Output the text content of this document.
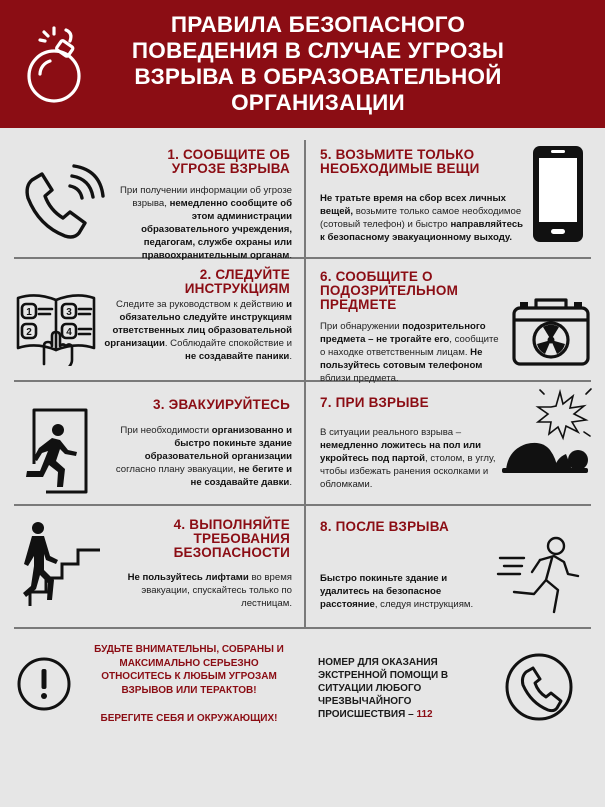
ПРАВИЛА БЕЗОПАСНОГО ПОВЕДЕНИЯ В СЛУЧАЕ УГРОЗЫ ВЗРЫВА В ОБРАЗОВАТЕЛЬНОЙ ОРГАНИЗАЦИИ
1. СООБЩИТЕ ОБ УГРОЗЕ ВЗРЫВА
При получении информации об угрозе взрыва, немедленно сообщите об этом администрации образовательного учреждения, педагогам, службе охраны или правоохранительным органам.
5. ВОЗЬМИТЕ ТОЛЬКО НЕОБХОДИМЫЕ ВЕЩИ
Не тратьте время на сбор всех личных вещей, возьмите только самое необходимое (сотовый телефон) и быстро направляйтесь к безопасному эвакуационному выходу.
1
2
3
4
2. СЛЕДУЙТЕ ИНСТРУКЦИЯМ
Следите за руководством к действию и обязательно следуйте инструкциям ответственных лиц образовательной организации. Соблюдайте спокойствие и не создавайте паники.
6. СООБЩИТЕ О ПОДОЗРИТЕЛЬНОМ ПРЕДМЕТЕ
При обнаружении подозрительного предмета – не трогайте его, сообщите о находке ответственным лицам. Не пользуйтесь сотовым телефоном вблизи предмета.
3. ЭВАКУИРУЙТЕСЬ
При необходимости организованно и быстро покиньте здание образовательной организации согласно плану эвакуации, не бегите и не создавайте давки.
7. ПРИ ВЗРЫВЕ
В ситуации реального взрыва – немедленно ложитесь на пол или укройтесь под партой, столом, в углу, чтобы избежать ранения осколками и обломками.
4. ВЫПОЛНЯЙТЕ ТРЕБОВАНИЯ БЕЗОПАСНОСТИ
Не пользуйтесь лифтами во время эвакуации, спускайтесь только по лестницам.
8. ПОСЛЕ ВЗРЫВА
Быстро покиньте здание и удалитесь на безопасное расстояние, следуя инструкциям.
БУДЬТЕ ВНИМАТЕЛЬНЫ, СОБРАНЫ И МАКСИМАЛЬНО СЕРЬЕЗНО ОТНОСИТЕСЬ К ЛЮБЫМ УГРОЗАМ ВЗРЫВОВ ИЛИ ТЕРАКТОВ!
БЕРЕГИТЕ СЕБЯ И ОКРУЖАЮЩИХ!
НОМЕР ДЛЯ ОКАЗАНИЯ ЭКСТРЕННОЙ ПОМОЩИ В СИТУАЦИИ ЛЮБОГО ЧРЕЗВЫЧАЙНОГО ПРОИСШЕСТВИЯ – 112
